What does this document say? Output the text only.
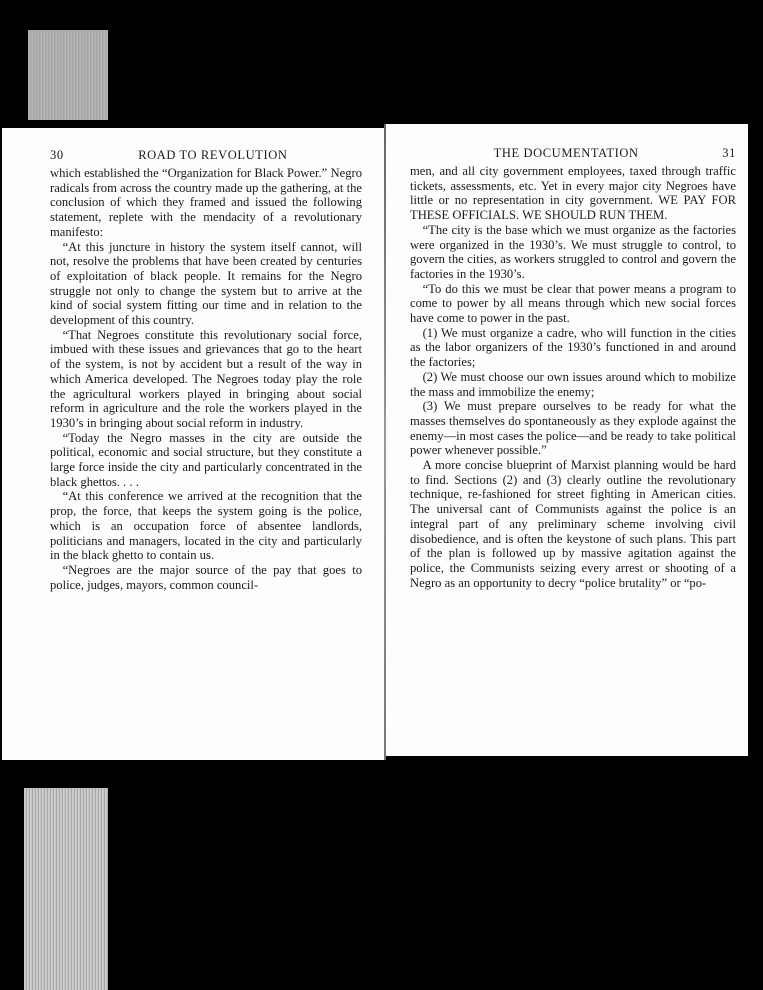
30	ROAD TO REVOLUTION

which established the “Organization for Black Power.” Negro radicals from across the country made up the gathering, at the conclusion of which they framed and issued the following statement, replete with the mendacity of a revolutionary manifesto:

“At this juncture in history the system itself cannot, will not, resolve the problems that have been created by centuries of exploitation of black people. It remains for the Negro struggle not only to change the system but to arrive at the kind of social system fitting our time and in relation to the development of this country.

“That Negroes constitute this revolutionary social force, imbued with these issues and grievances that go to the heart of the system, is not by accident but a result of the way in which America developed. The Negroes today play the role the agricultural workers played in bringing about social reform in agriculture and the role the workers played in the 1930’s in bringing about social reform in industry.

“Today the Negro masses in the city are outside the political, economic and social structure, but they constitute a large force inside the city and particularly concentrated in the black ghettos. . . .

“At this conference we arrived at the recognition that the prop, the force, that keeps the system going is the police, which is an occupation force of absentee landlords, politicians and managers, located in the city and particularly in the black ghetto to contain us.

“Negroes are the major source of the pay that goes to police, judges, mayors, common council-

THE DOCUMENTATION	31

men, and all city government employees, taxed through traffic tickets, assessments, etc. Yet in every major city Negroes have little or no representation in city government. WE PAY FOR THESE OFFICIALS. WE SHOULD RUN THEM.

“The city is the base which we must organize as the factories were organized in the 1930’s. We must struggle to control, to govern the cities, as workers struggled to control and govern the factories in the 1930’s.

“To do this we must be clear that power means a program to come to power by all means through which new social forces have come to power in the past.

(1) We must organize a cadre, who will function in the cities as the labor organizers of the 1930’s functioned in and around the factories;

(2) We must choose our own issues around which to mobilize the mass and immobilize the enemy;

(3) We must prepare ourselves to be ready for what the masses themselves do spontaneously as they explode against the enemy—in most cases the police—and be ready to take political power whenever possible.”

A more concise blueprint of Marxist planning would be hard to find. Sections (2) and (3) clearly outline the revolutionary technique, re-fashioned for street fighting in American cities. The universal cant of Communists against the police is an integral part of any preliminary scheme involving civil disobedience, and is often the keystone of such plans. This part of the plan is followed up by massive agitation against the police, the Communists seizing every arrest or shooting of a Negro as an opportunity to decry “police brutality” or “po-
